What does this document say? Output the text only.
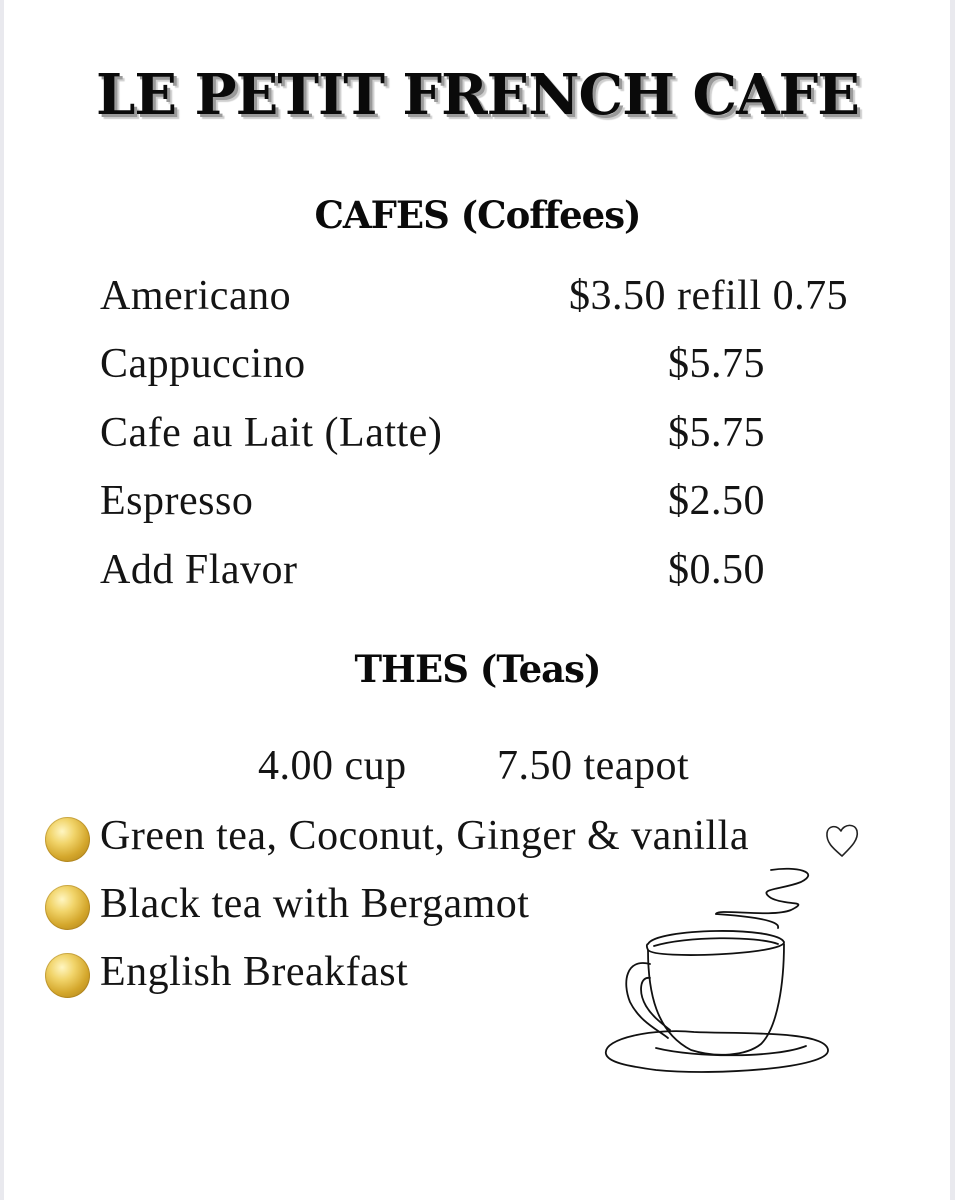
LE PETIT FRENCH CAFE
CAFES (Coffees)
Americano	$3.50 refill 0.75
Cappuccino	$5.75
Cafe au Lait (Latte)	$5.75
Espresso	$2.50
Add Flavor	$0.50
THES (Teas)
4.00 cup 7.50 teapot
Green tea, Coconut, Ginger & vanilla
Black tea with Bergamot
English Breakfast
